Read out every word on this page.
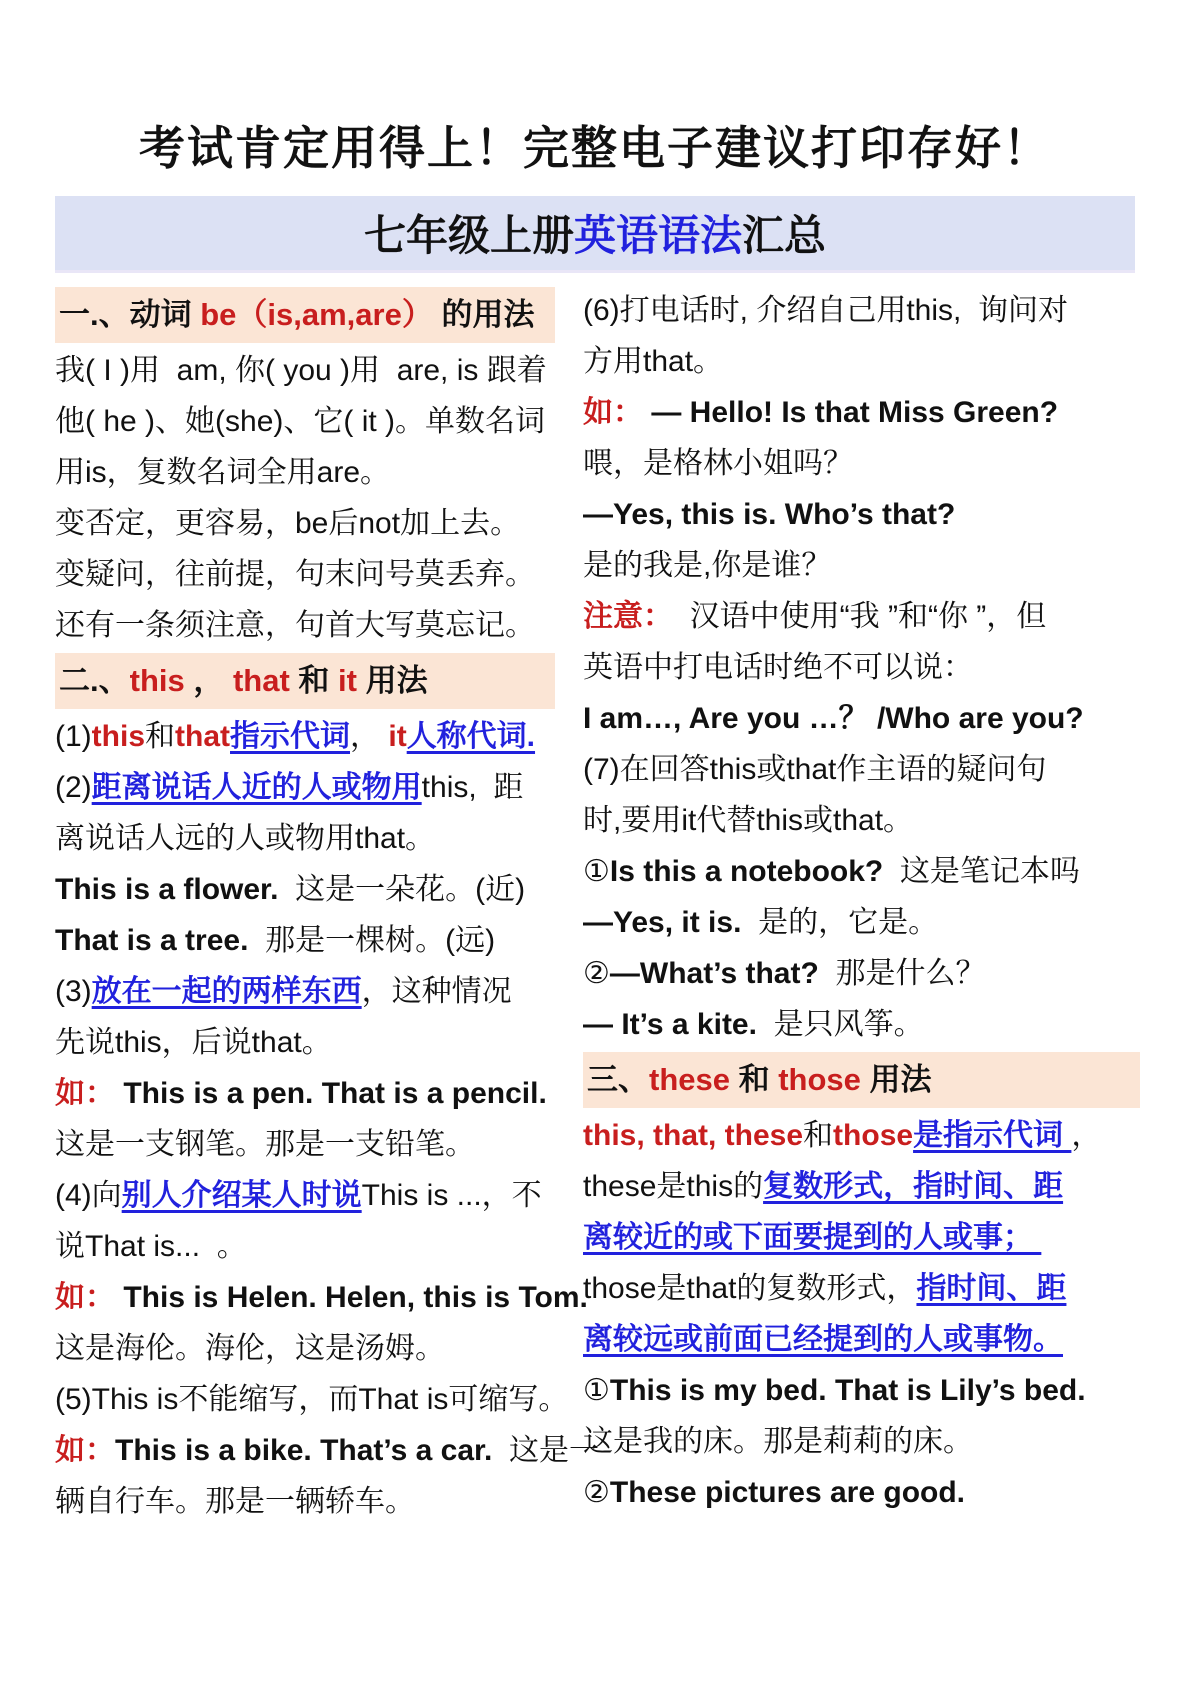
考试肯定用得上！完整电子建议打印存好！
七年级上册英语语法汇总
一.、动词 be（is,am,are） 的用法
我( I )用  am, 你( you )用  are, is 跟着
他( he )、她(she)、它( it )。单数名词
用is，复数名词全用are。
变否定，更容易，be后not加上去。
变疑问，往前提，句末问号莫丢弃。
还有一条须注意，句首大写莫忘记。
二.、this ， that 和 it 用法
(1)this和that指示代词， it人称代词.
(2)距离说话人近的人或物用this,  距
离说话人远的人或物用that。
This is a flower.  这是一朵花。(近)
That is a tree.  那是一棵树。(远)
(3)放在一起的两样东西，这种情况
先说this，后说that。
如： This is a pen. That is a pencil.
这是一支钢笔。那是一支铅笔。
(4)向别人介绍某人时说This is ...，不
说That is...  。
如： This is Helen. Helen, this is Tom.
这是海伦。海伦，这是汤姆。
(5)This is不能缩写，而That is可缩写。
如：This is a bike. That’s a car.  这是一
辆自行车。那是一辆轿车。
(6)打电话时, 介绍自己用this,  询问对
方用that。
如： — Hello! Is that Miss Green?
喂，是格林小姐吗？
—Yes, this is. Who’s that?
是的我是,你是谁？
注意：  汉语中使用“我 ”和“你 ”，但
英语中打电话时绝不可以说：
I am…, Are you …？ /Who are you?
(7)在回答this或that作主语的疑问句
时,要用it代替this或that。
①Is this a notebook?  这是笔记本吗
—Yes, it is.  是的，它是。
②—What’s that?  那是什么？
— It’s a kite.  是只风筝。
三、these 和 those 用法
this, that, these和those是指示代词 ，
these是this的复数形式，指时间、距
离较近的或下面要提到的人或事；
those是that的复数形式，指时间、距
离较远或前面已经提到的人或事物。
①This is my bed. That is Lily’s bed.
这是我的床。那是莉莉的床。
②These pictures are good.
